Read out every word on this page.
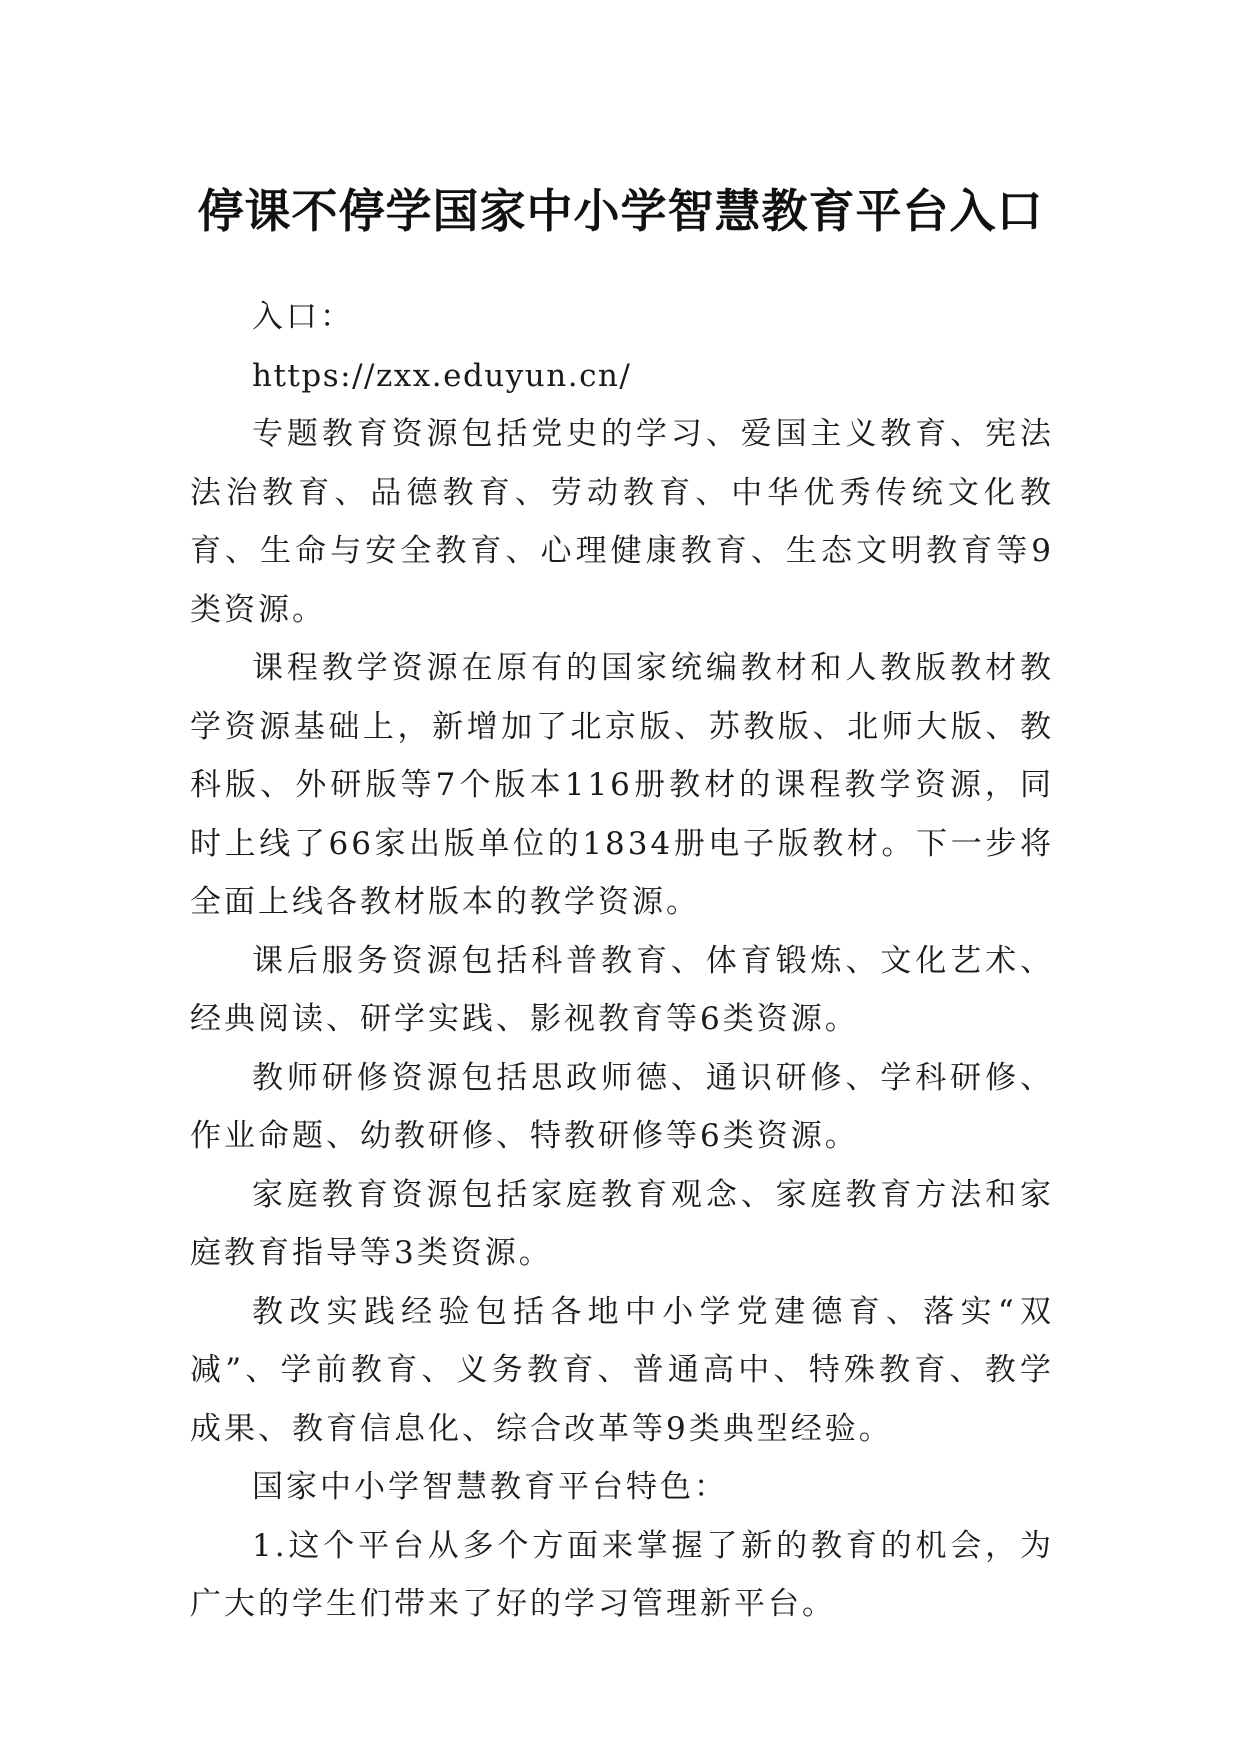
停课不停学国家中小学智慧教育平台入口

入口：

https://zxx.eduyun.cn/

专题教育资源包括党史的学习、爱国主义教育、宪法法治教育、品德教育、劳动教育、中华优秀传统文化教育、生命与安全教育、心理健康教育、生态文明教育等9类资源。

课程教学资源在原有的国家统编教材和人教版教材教学资源基础上，新增加了北京版、苏教版、北师大版、教科版、外研版等7个版本116册教材的课程教学资源，同时上线了66家出版单位的1834册电子版教材。下一步将全面上线各教材版本的教学资源。

课后服务资源包括科普教育、体育锻炼、文化艺术、经典阅读、研学实践、影视教育等6类资源。

教师研修资源包括思政师德、通识研修、学科研修、作业命题、幼教研修、特教研修等6类资源。

家庭教育资源包括家庭教育观念、家庭教育方法和家庭教育指导等3类资源。

教改实践经验包括各地中小学党建德育、落实“双减”、学前教育、义务教育、普通高中、特殊教育、教学成果、教育信息化、综合改革等9类典型经验。

国家中小学智慧教育平台特色：

1.这个平台从多个方面来掌握了新的教育的机会，为广大的学生们带来了好的学习管理新平台。
